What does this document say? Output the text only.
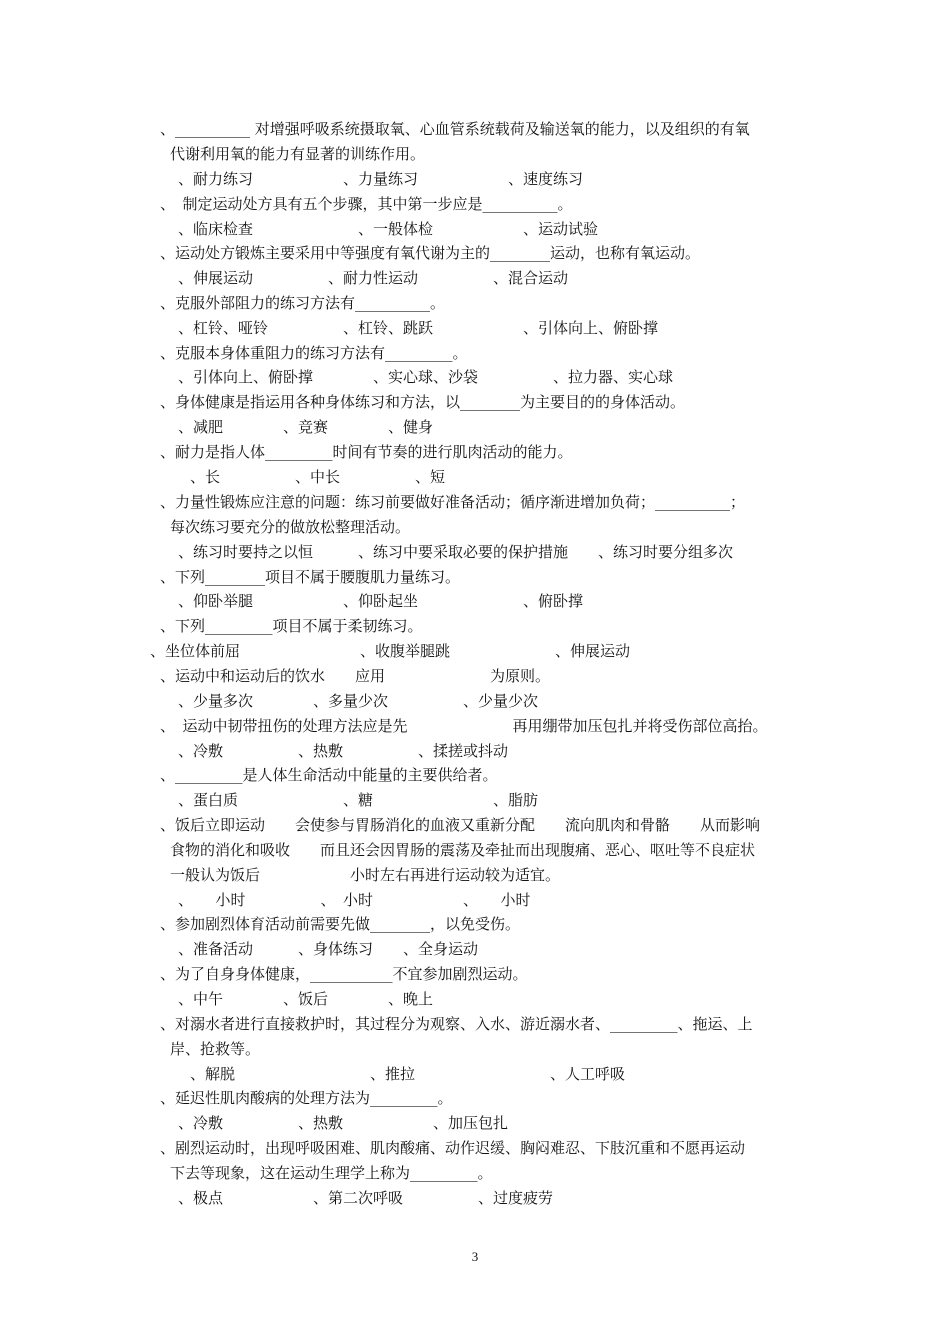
、__________ 对增强呼吸系统摄取氧、心血管系统载荷及输送氧的能力，以及组织的有氧
代谢利用氧的能力有显著的训练作用。
、耐力练习　　　　　　、力量练习　　　　　　、速度练习
、　制定运动处方具有五个步骤，其中第一步应是__________。
、临床检查　　　　　　　、一般体检　　　　　　、运动试验
、运动处方锻炼主要采用中等强度有氧代谢为主的________运动，也称有氧运动。
、伸展运动　　　　　、耐力性运动　　　　　、混合运动
、克服外部阻力的练习方法有__________。
、杠铃、哑铃　　　　　、杠铃、跳跃　　　　　　、引体向上、俯卧撑
、克服本身体重阻力的练习方法有_________。
、引体向上、俯卧撑　　　　、实心球、沙袋　　　　　、拉力器、实心球
、身体健康是指运用各种身体练习和方法，以________为主要目的的身体活动。
、减肥　　　　、竞赛　　　　、健身
、耐力是指人体_________时间有节奏的进行肌肉活动的能力。
、长　　　　　、中长　　　　　、短
、力量性锻炼应注意的问题：练习前要做好准备活动；循序渐进增加负荷；__________；
每次练习要充分的做放松整理活动。
、练习时要持之以恒　　　、练习中要采取必要的保护措施　　、练习时要分组多次
、下列________项目不属于腰腹肌力量练习。
、仰卧举腿　　　　　　、仰卧起坐　　　　　　　、俯卧撑
、下列_________项目不属于柔韧练习。
、坐位体前屈　　　　　　　　、收腹举腿跳　　　　　　　、伸展运动
、运动中和运动后的饮水　　应用　　　　　　　为原则。
、少量多次　　　　、多量少次　　　　　、少量少次
、　运动中韧带扭伤的处理方法应是先　　　　　　　再用绷带加压包扎并将受伤部位高抬。
、冷敷　　　　　、热敷　　　　　、揉搓或抖动
、_________是人体生命活动中能量的主要供给者。
、蛋白质　　　　　　　、糖　　　　　　　　、脂肪
、饭后立即运动　　会使参与胃肠消化的血液又重新分配　　流向肌肉和骨骼　　从而影响
食物的消化和吸收　　而且还会因胃肠的震荡及牵扯而出现腹痛、恶心、呕吐等不良症状
一般认为饭后　　　　　　小时左右再进行运动较为适宜。
、　　小时　　　　　、　小时　　　　　　、　　小时
、参加剧烈体育活动前需要先做________，以免受伤。
、准备活动　　　、身体练习　　、全身运动
、为了自身身体健康，___________不宜参加剧烈运动。
、中午　　　　、饭后　　　　、晚上
、对溺水者进行直接救护时，其过程分为观察、入水、游近溺水者、_________、拖运、上
岸、抢救等。
、解脱　　　　　　　　　、推拉　　　　　　　　　、人工呼吸
、延迟性肌肉酸病的处理方法为_________。
、冷敷　　　　　、热敷　　　　　　、加压包扎
、剧烈运动时，出现呼吸困难、肌肉酸痛、动作迟缓、胸闷难忍、下肢沉重和不愿再运动
下去等现象，这在运动生理学上称为_________。
、极点　　　　　　、第二次呼吸　　　　　、过度疲劳
3
